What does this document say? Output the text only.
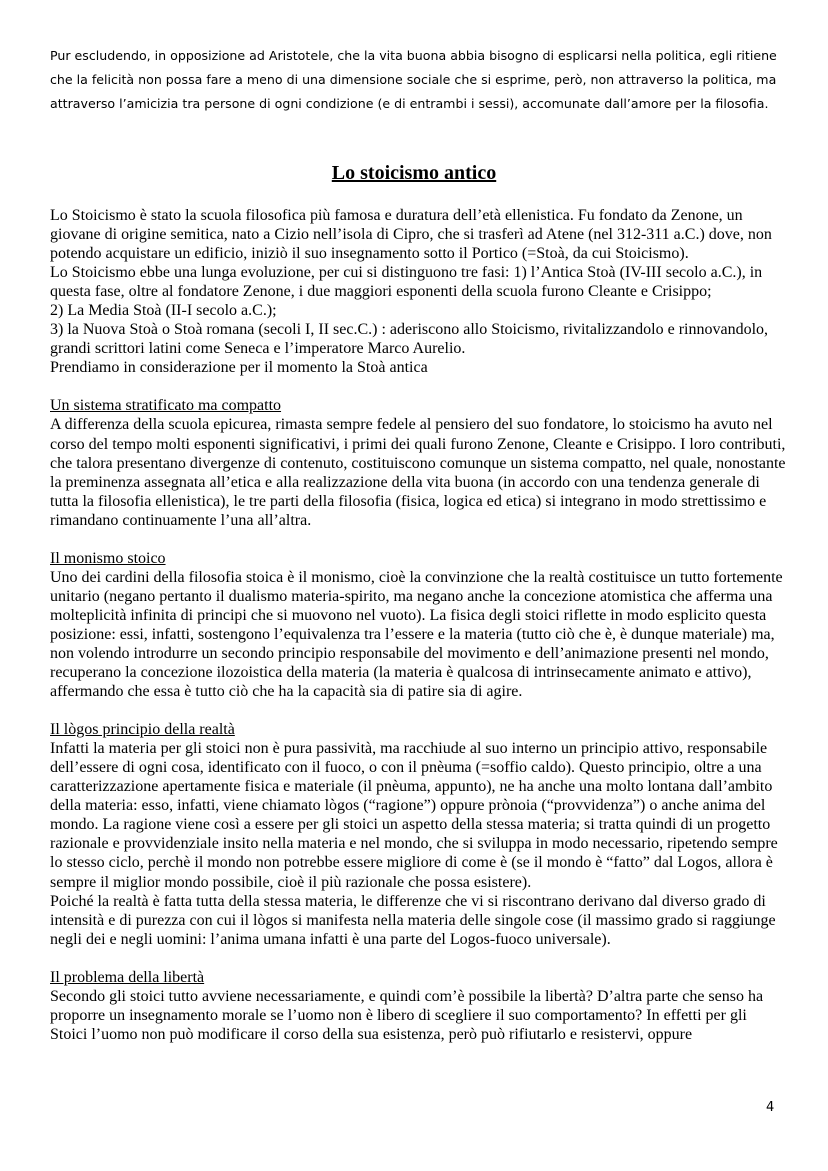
Pur escludendo, in opposizione ad Aristotele, che la vita buona abbia bisogno di esplicarsi nella politica, egli ritiene che la felicità non possa fare a meno di una dimensione sociale che si esprime, però, non attraverso la politica, ma attraverso l’amicizia tra persone di ogni condizione (e di entrambi i sessi), accomunate dall’amore per la filosofia.

Lo stoicismo antico

Lo Stoicismo è stato la scuola filosofica più famosa e duratura dell’età ellenistica. Fu fondato da Zenone, un giovane di origine semitica, nato a Cizio nell’isola di Cipro, che si trasferì ad Atene (nel 312-311 a.C.) dove, non potendo acquistare un edificio, iniziò il suo insegnamento sotto il Portico (=Stoà, da cui Stoicismo).

Lo Stoicismo ebbe una lunga evoluzione, per cui si distinguono tre fasi: 1) l’Antica Stoà (IV-III secolo a.C.), in questa fase, oltre al fondatore Zenone, i due maggiori esponenti della scuola furono Cleante e Crisippo;

2) La Media Stoà (II-I secolo a.C.);

3) la Nuova Stoà o Stoà romana (secoli I, II sec.C.) : aderiscono allo Stoicismo, rivitalizzandolo e rinnovandolo, grandi scrittori latini come Seneca e l’imperatore Marco Aurelio.

Prendiamo in considerazione per il momento la Stoà antica

Un sistema stratificato ma compatto

A differenza della scuola epicurea, rimasta sempre fedele al pensiero del suo fondatore, lo stoicismo ha avuto nel corso del tempo molti esponenti significativi, i primi dei quali furono Zenone, Cleante e Crisippo. I loro contributi, che talora presentano divergenze di contenuto, costituiscono comunque un sistema compatto, nel quale, nonostante la preminenza assegnata all’etica e alla realizzazione della vita buona (in accordo con una tendenza generale di tutta la filosofia ellenistica), le tre parti della filosofia (fisica, logica ed etica) si integrano in modo strettissimo e rimandano continuamente l’una all’altra.

Il monismo stoico

Uno dei cardini della filosofia stoica è il monismo, cioè la convinzione che la realtà costituisce un tutto fortemente unitario (negano pertanto il dualismo materia-spirito, ma negano anche la concezione atomistica che afferma una molteplicità infinita di principi che si muovono nel vuoto). La fisica degli stoici riflette in modo esplicito questa posizione: essi, infatti, sostengono l’equivalenza tra l’essere e la materia (tutto ciò che è, è dunque materiale) ma, non volendo introdurre un secondo principio responsabile del movimento e dell’animazione presenti nel mondo, recuperano la concezione ilozoistica della materia (la materia è qualcosa di intrinsecamente animato e attivo), affermando che essa è tutto ciò che ha la capacità sia di patire sia di agire.

Il lògos principio della realtà

Infatti la materia per gli stoici non è pura passività, ma racchiude al suo interno un principio attivo, responsabile dell’essere di ogni cosa, identificato con il fuoco, o con il pnèuma (=soffio caldo). Questo principio, oltre a una caratterizzazione apertamente fisica e materiale (il pnèuma, appunto), ne ha anche una molto lontana dall’ambito della materia: esso, infatti, viene chiamato lògos (“ragione”) oppure prònoia (“provvidenza”) o anche anima del mondo. La ragione viene così a essere per gli stoici un aspetto della stessa materia; si tratta quindi di un progetto razionale e provvidenziale insito nella materia e nel mondo, che si sviluppa in modo necessario, ripetendo sempre lo stesso ciclo, perchè il mondo non potrebbe essere migliore di come è (se il mondo è “fatto” dal Logos, allora è sempre il miglior mondo possibile, cioè il più razionale che possa esistere).

Poiché la realtà è fatta tutta della stessa materia, le differenze che vi si riscontrano derivano dal diverso grado di intensità e di purezza con cui il lògos si manifesta nella materia delle singole cose (il massimo grado si raggiunge negli dei e negli uomini: l’anima umana infatti è una parte del Logos-fuoco universale).

Il problema della libertà

Secondo gli stoici tutto avviene necessariamente, e quindi com’è possibile la libertà? D’altra parte che senso ha proporre un insegnamento morale se l’uomo non è libero di scegliere il suo comportamento? In effetti per gli Stoici l’uomo non può modificare il corso della sua esistenza, però può rifiutarlo e resistervi, oppure

4
